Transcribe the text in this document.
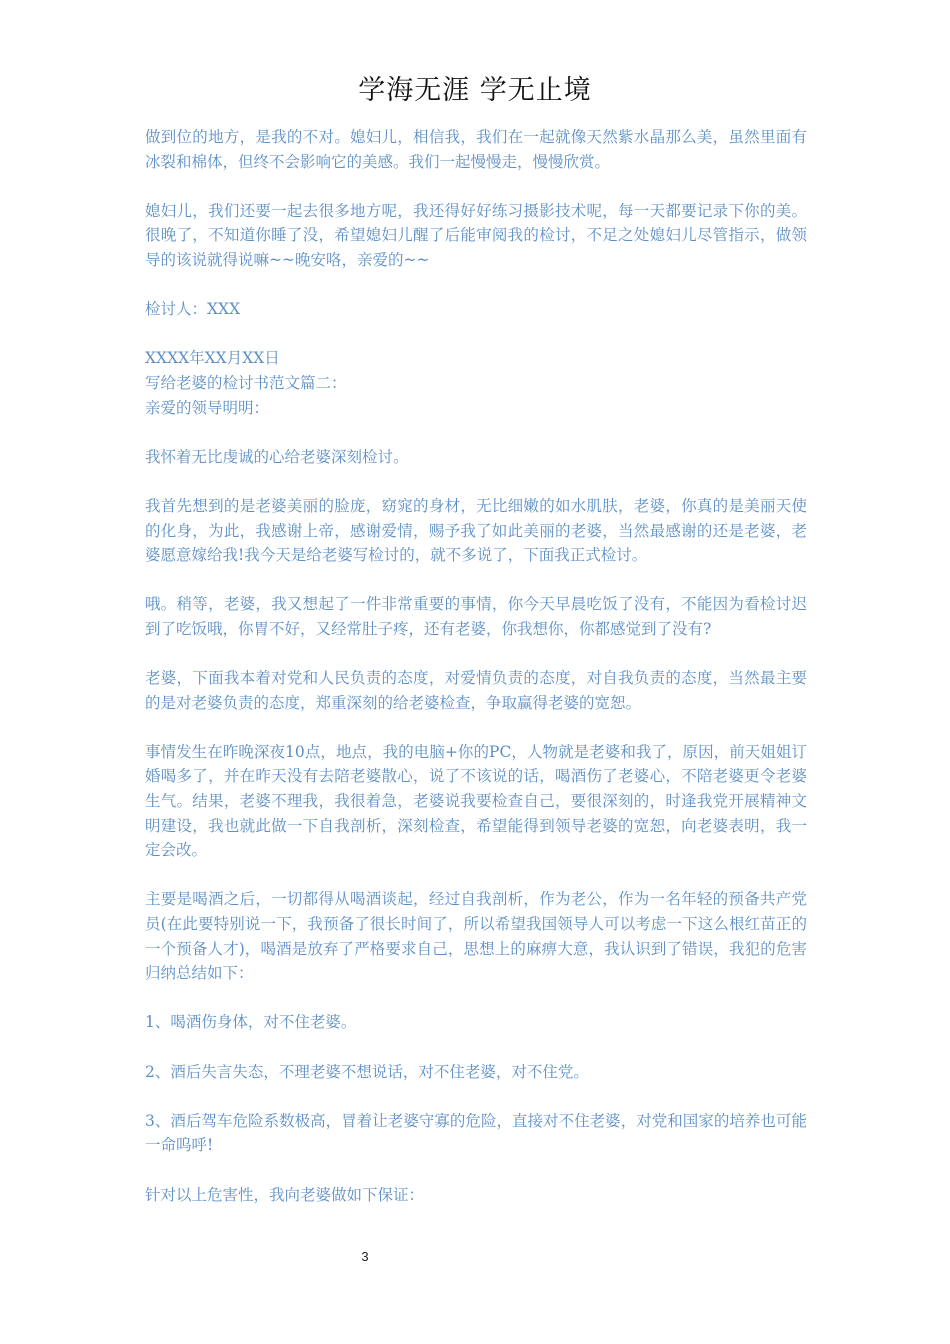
学海无涯 学无止境

做到位的地方，是我的不对。媳妇儿，相信我，我们在一起就像天然紫水晶那么美，虽然里面有冰裂和棉体，但终不会影响它的美感。我们一起慢慢走，慢慢欣赏。

媳妇儿，我们还要一起去很多地方呢，我还得好好练习摄影技术呢，每一天都要记录下你的美。很晚了，不知道你睡了没，希望媳妇儿醒了后能审阅我的检讨，不足之处媳妇儿尽管指示，做领导的该说就得说嘛~~晚安咯，亲爱的~~

检讨人：XXX

XXXX年XX月XX日

写给老婆的检讨书范文篇二：

亲爱的领导明明：

我怀着无比虔诚的心给老婆深刻检讨。

我首先想到的是老婆美丽的脸庞，窈窕的身材，无比细嫩的如水肌肤，老婆，你真的是美丽天使的化身，为此，我感谢上帝，感谢爱情，赐予我了如此美丽的老婆，当然最感谢的还是老婆，老婆愿意嫁给我!我今天是给老婆写检讨的，就不多说了，下面我正式检讨。

哦。稍等，老婆，我又想起了一件非常重要的事情，你今天早晨吃饭了没有，不能因为看检讨迟到了吃饭哦，你胃不好，又经常肚子疼，还有老婆，你我想你，你都感觉到了没有?

老婆，下面我本着对党和人民负责的态度，对爱情负责的态度，对自我负责的态度，当然最主要的是对老婆负责的态度，郑重深刻的给老婆检查，争取赢得老婆的宽恕。

事情发生在昨晚深夜10点，地点，我的电脑+你的PC，人物就是老婆和我了，原因，前天姐姐订婚喝多了，并在昨天没有去陪老婆散心，说了不该说的话，喝酒伤了老婆心，不陪老婆更令老婆生气。结果，老婆不理我，我很着急，老婆说我要检查自己，要很深刻的，时逢我党开展精神文明建设，我也就此做一下自我剖析，深刻检查，希望能得到领导老婆的宽恕，向老婆表明，我一定会改。

主要是喝酒之后，一切都得从喝酒谈起，经过自我剖析，作为老公，作为一名年轻的预备共产党员(在此要特别说一下，我预备了很长时间了，所以希望我国领导人可以考虑一下这么根红苗正的一个预备人才)，喝酒是放弃了严格要求自己，思想上的麻痹大意，我认识到了错误，我犯的危害归纳总结如下：

1、喝酒伤身体，对不住老婆。

2、酒后失言失态，不理老婆不想说话，对不住老婆，对不住党。

3、酒后驾车危险系数极高，冒着让老婆守寡的危险，直接对不住老婆，对党和国家的培养也可能一命呜呼!

针对以上危害性，我向老婆做如下保证：

3
